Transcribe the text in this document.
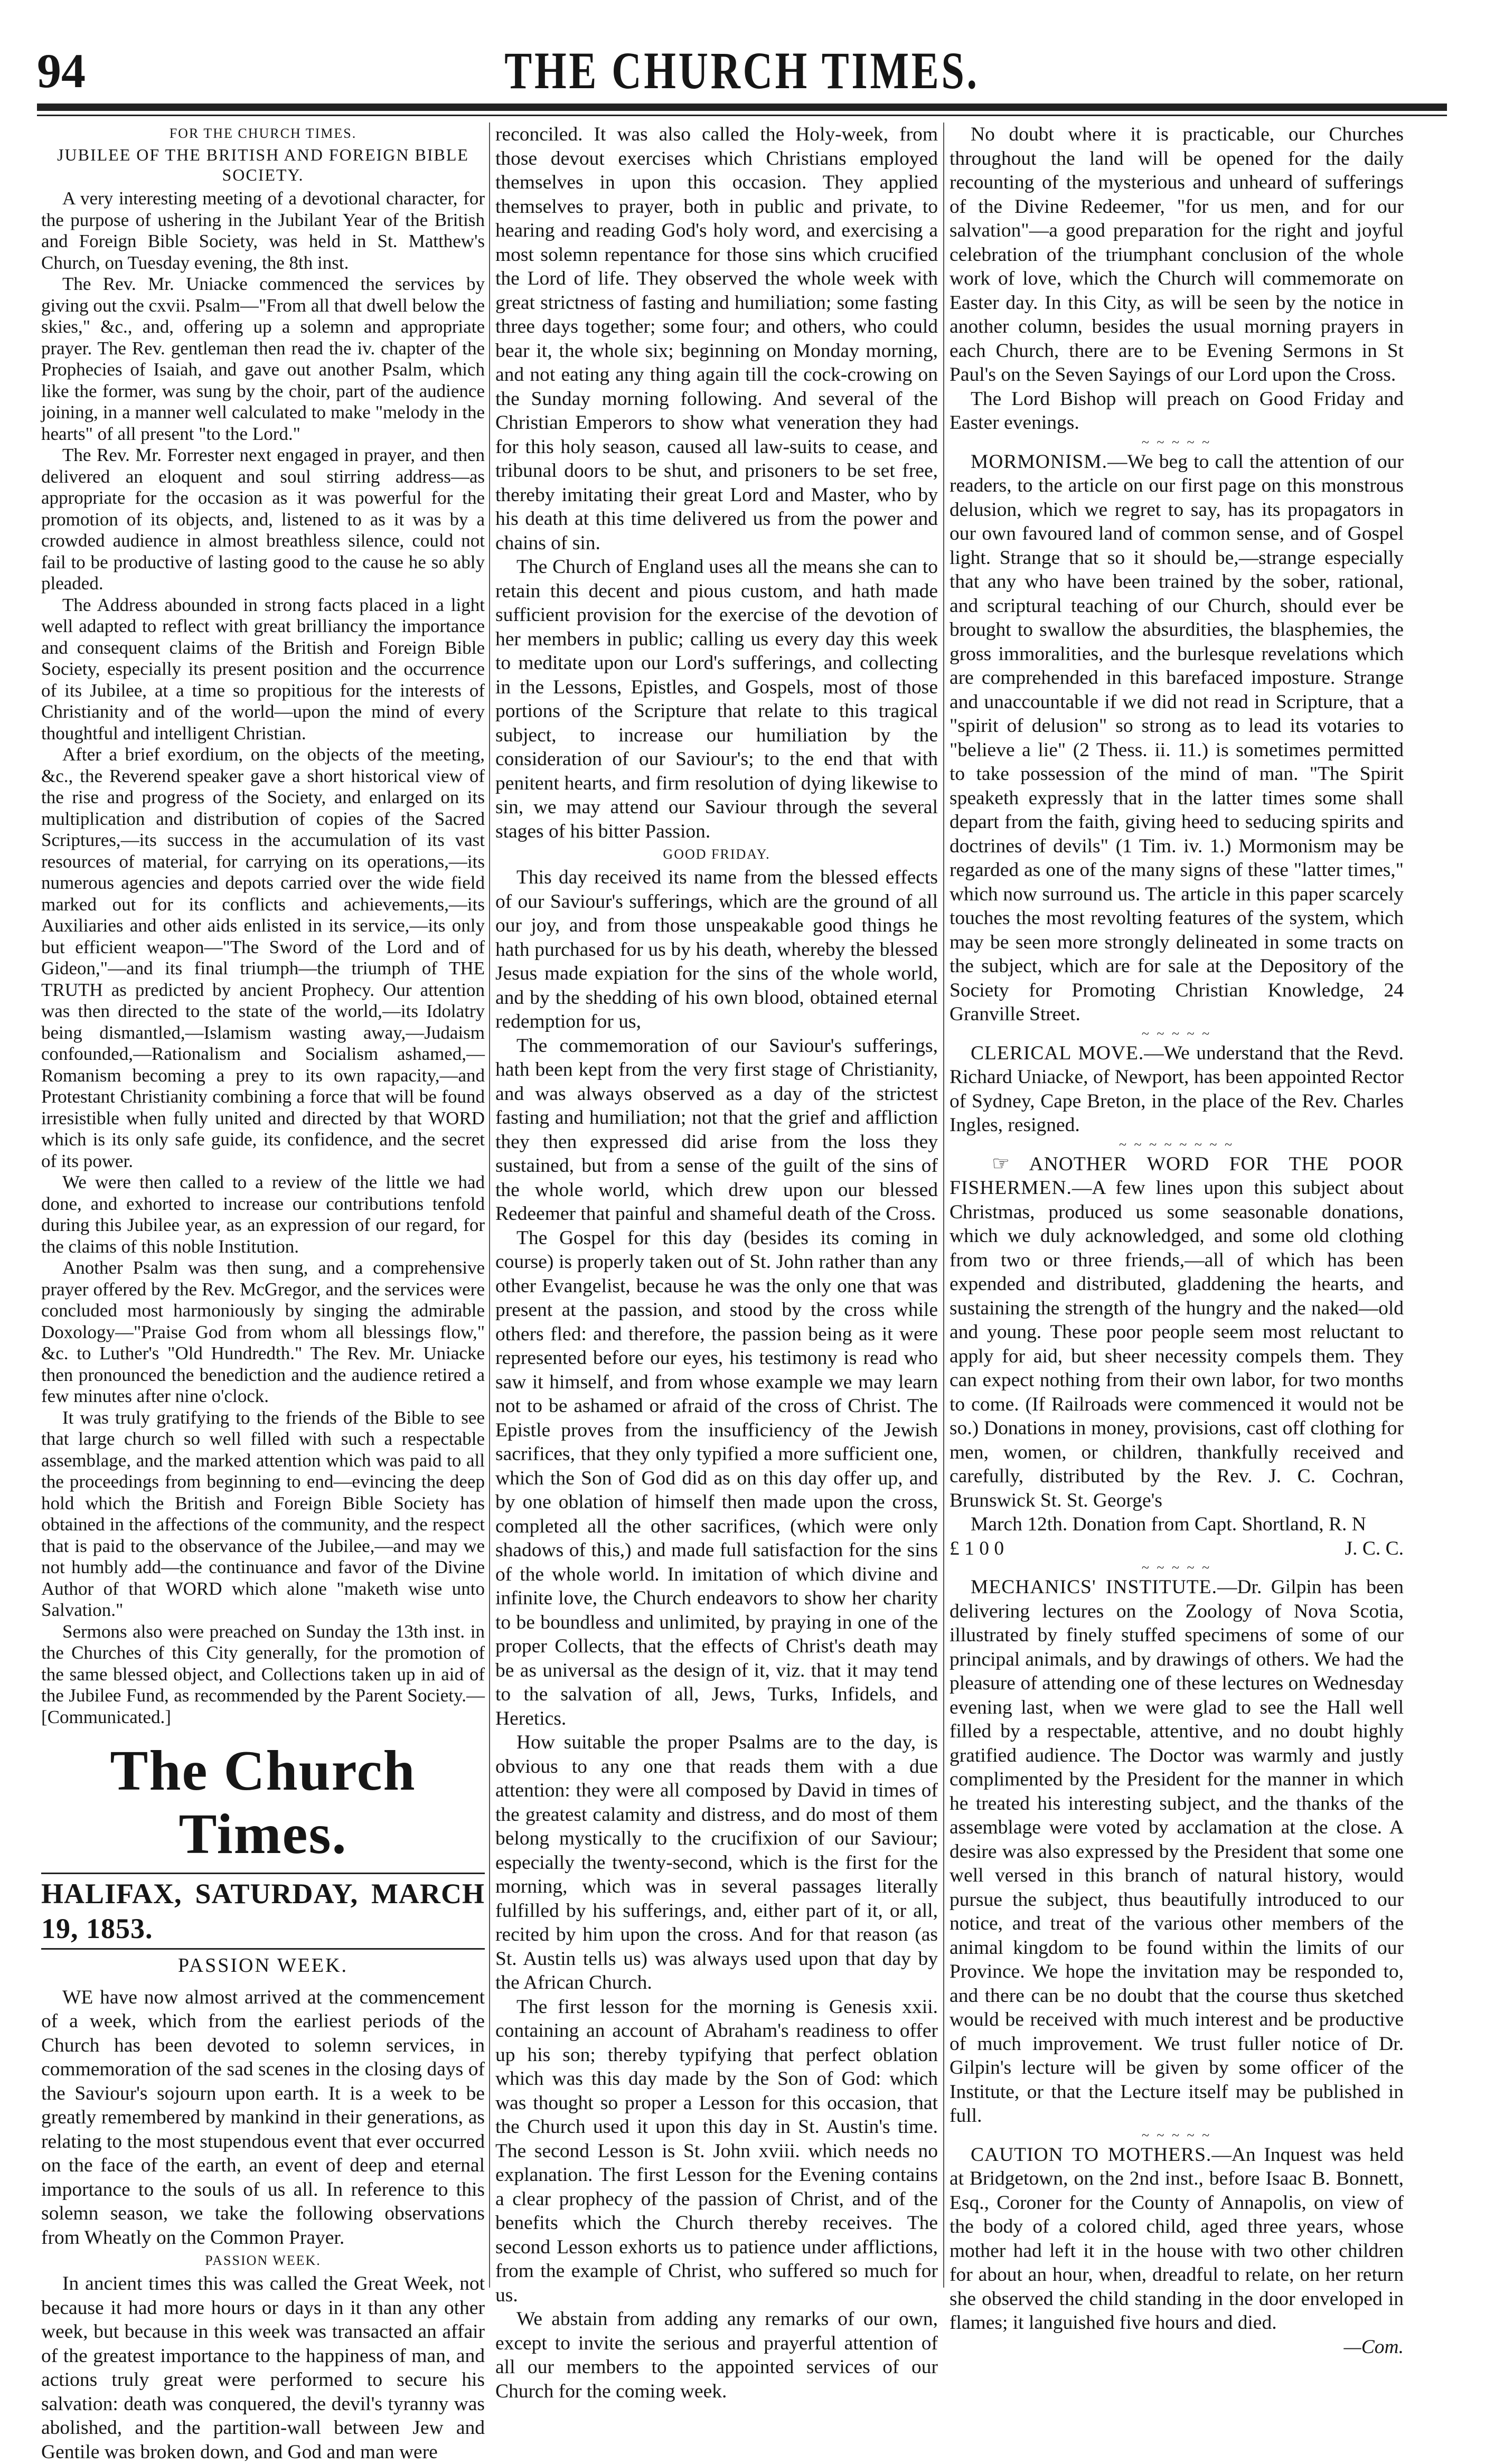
94	THE CHURCH TIMES.
FOR THE CHURCH TIMES.
JUBILEE OF THE BRITISH AND FOREIGN BIBLE SOCIETY.

A very interesting meeting of a devotional character, for the purpose of ushering in the Jubilant Year of the British and Foreign Bible Society, was held in St. Matthew's Church, on Tuesday evening, the 8th inst.

The Rev. Mr. Uniacke commenced the services by giving out the cxvii. Psalm—"From all that dwell below the skies," &c., and, offering up a solemn and appropriate prayer. The Rev. gentleman then read the iv. chapter of the Prophecies of Isaiah, and gave out another Psalm, which like the former, was sung by the choir, part of the audience joining, in a manner well calculated to make "melody in the hearts" of all present "to the Lord."

The Rev. Mr. Forrester next engaged in prayer, and then delivered an eloquent and soul stirring address—as appropriate for the occasion as it was powerful for the promotion of its objects, and, listened to as it was by a crowded audience in almost breathless silence, could not fail to be productive of lasting good to the cause he so ably pleaded.

The Address abounded in strong facts placed in a light well adapted to reflect with great brilliancy the importance and consequent claims of the British and Foreign Bible Society, especially its present position and the occurrence of its Jubilee, at a time so propitious for the interests of Christianity and of the world—upon the mind of every thoughtful and intelligent Christian.

After a brief exordium, on the objects of the meeting, &c., the Reverend speaker gave a short historical view of the rise and progress of the Society, and enlarged on its multiplication and distribution of copies of the Sacred Scriptures,—its success in the accumulation of its vast resources of material, for carrying on its operations,—its numerous agencies and depots carried over the wide field marked out for its conflicts and achievements,—its Auxiliaries and other aids enlisted in its service,—its only but efficient weapon—"The Sword of the Lord and of Gideon,"—and its final triumph—the triumph of THE TRUTH as predicted by ancient Prophecy. Our attention was then directed to the state of the world,—its Idolatry being dismantled,—Islamism wasting away,—Judaism confounded,—Rationalism and Socialism ashamed,—Romanism becoming a prey to its own rapacity,—and Protestant Christianity combining a force that will be found irresistible when fully united and directed by that WORD which is its only safe guide, its confidence, and the secret of its power.

We were then called to a review of the little we had done, and exhorted to increase our contributions tenfold during this Jubilee year, as an expression of our regard, for the claims of this noble Institution.

Another Psalm was then sung, and a comprehensive prayer offered by the Rev. McGregor, and the services were concluded most harmoniously by singing the admirable Doxology—"Praise God from whom all blessings flow," &c. to Luther's "Old Hundredth." The Rev. Mr. Uniacke then pronounced the benediction and the audience retired a few minutes after nine o'clock.

It was truly gratifying to the friends of the Bible to see that large church so well filled with such a respectable assemblage, and the marked attention which was paid to all the proceedings from beginning to end—evincing the deep hold which the British and Foreign Bible Society has obtained in the affections of the community, and the respect that is paid to the observance of the Jubilee,—and may we not humbly add—the continuance and favor of the Divine Author of that WORD which alone "maketh wise unto Salvation."

Sermons also were preached on Sunday the 13th inst. in the Churches of this City generally, for the promotion of the same blessed object, and Collections taken up in aid of the Jubilee Fund, as recommended by the Parent Society.—[Communicated.]

The Church Times.
HALIFAX, SATURDAY, MARCH 19, 1853.
PASSION WEEK.

WE have now almost arrived at the commencement of a week, which from the earliest periods of the Church has been devoted to solemn services, in commemoration of the sad scenes in the closing days of the Saviour's sojourn upon earth. It is a week to be greatly remembered by mankind in their generations, as relating to the most stupendous event that ever occurred on the face of the earth, an event of deep and eternal importance to the souls of us all. In reference to this solemn season, we take the following observations from Wheatly on the Common Prayer.

PASSION WEEK.

In ancient times this was called the Great Week, not because it had more hours or days in it than any other week, but because in this week was transacted an affair of the greatest importance to the happiness of man, and actions truly great were performed to secure his salvation: death was conquered, the devil's tyranny was abolished, and the partition-wall between Jew and Gentile was broken down, and God and man were

reconciled. It was also called the Holy-week, from those devout exercises which Christians employed themselves in upon this occasion. They applied themselves to prayer, both in public and private, to hearing and reading God's holy word, and exercising a most solemn repentance for those sins which crucified the Lord of life. They observed the whole week with great strictness of fasting and humiliation; some fasting three days together; some four; and others, who could bear it, the whole six; beginning on Monday morning, and not eating any thing again till the cock-crowing on the Sunday morning following. And several of the Christian Emperors to show what veneration they had for this holy season, caused all law-suits to cease, and tribunal doors to be shut, and prisoners to be set free, thereby imitating their great Lord and Master, who by his death at this time delivered us from the power and chains of sin.

The Church of England uses all the means she can to retain this decent and pious custom, and hath made sufficient provision for the exercise of the devotion of her members in public; calling us every day this week to meditate upon our Lord's sufferings, and collecting in the Lessons, Epistles, and Gospels, most of those portions of the Scripture that relate to this tragical subject, to increase our humiliation by the consideration of our Saviour's; to the end that with penitent hearts, and firm resolution of dying likewise to sin, we may attend our Saviour through the several stages of his bitter Passion.

GOOD FRIDAY.

This day received its name from the blessed effects of our Saviour's sufferings, which are the ground of all our joy, and from those unspeakable good things he hath purchased for us by his death, whereby the blessed Jesus made expiation for the sins of the whole world, and by the shedding of his own blood, obtained eternal redemption for us,

The commemoration of our Saviour's sufferings, hath been kept from the very first stage of Christianity, and was always observed as a day of the strictest fasting and humiliation; not that the grief and affliction they then expressed did arise from the loss they sustained, but from a sense of the guilt of the sins of the whole world, which drew upon our blessed Redeemer that painful and shameful death of the Cross.

The Gospel for this day (besides its coming in course) is properly taken out of St. John rather than any other Evangelist, because he was the only one that was present at the passion, and stood by the cross while others fled: and therefore, the passion being as it were represented before our eyes, his testimony is read who saw it himself, and from whose example we may learn not to be ashamed or afraid of the cross of Christ. The Epistle proves from the insufficiency of the Jewish sacrifices, that they only typified a more sufficient one, which the Son of God did as on this day offer up, and by one oblation of himself then made upon the cross, completed all the other sacrifices, (which were only shadows of this,) and made full satisfaction for the sins of the whole world. In imitation of which divine and infinite love, the Church endeavors to show her charity to be boundless and unlimited, by praying in one of the proper Collects, that the effects of Christ's death may be as universal as the design of it, viz. that it may tend to the salvation of all, Jews, Turks, Infidels, and Heretics.

How suitable the proper Psalms are to the day, is obvious to any one that reads them with a due attention: they were all composed by David in times of the greatest calamity and distress, and do most of them belong mystically to the crucifixion of our Saviour; especially the twenty-second, which is the first for the morning, which was in several passages literally fulfilled by his sufferings, and, either part of it, or all, recited by him upon the cross. And for that reason (as St. Austin tells us) was always used upon that day by the African Church.

The first lesson for the morning is Genesis xxii. containing an account of Abraham's readiness to offer up his son; thereby typifying that perfect oblation which was this day made by the Son of God: which was thought so proper a Lesson for this occasion, that the Church used it upon this day in St. Austin's time. The second Lesson is St. John xviii. which needs no explanation. The first Lesson for the Evening contains a clear prophecy of the passion of Christ, and of the benefits which the Church thereby receives. The second Lesson exhorts us to patience under afflictions, from the example of Christ, who suffered so much for us.

We abstain from adding any remarks of our own, except to invite the serious and prayerful attention of all our members to the appointed services of our Church for the coming week.

No doubt where it is practicable, our Churches throughout the land will be opened for the daily recounting of the mysterious and unheard of sufferings of the Divine Redeemer, "for us men, and for our salvation"—a good preparation for the right and joyful celebration of the triumphant conclusion of the whole work of love, which the Church will commemorate on Easter day. In this City, as will be seen by the notice in another column, besides the usual morning prayers in each Church, there are to be Evening Sermons in St Paul's on the Seven Sayings of our Lord upon the Cross.

The Lord Bishop will preach on Good Friday and Easter evenings.

~ ~ ~ ~ ~

MORMONISM.—We beg to call the attention of our readers, to the article on our first page on this monstrous delusion, which we regret to say, has its propagators in our own favoured land of common sense, and of Gospel light. Strange that so it should be,—strange especially that any who have been trained by the sober, rational, and scriptural teaching of our Church, should ever be brought to swallow the absurdities, the blasphemies, the gross immoralities, and the burlesque revelations which are comprehended in this barefaced imposture. Strange and unaccountable if we did not read in Scripture, that a "spirit of delusion" so strong as to lead its votaries to "believe a lie" (2 Thess. ii. 11.) is sometimes permitted to take possession of the mind of man. "The Spirit speaketh expressly that in the latter times some shall depart from the faith, giving heed to seducing spirits and doctrines of devils" (1 Tim. iv. 1.) Mormonism may be regarded as one of the many signs of these "latter times," which now surround us. The article in this paper scarcely touches the most revolting features of the system, which may be seen more strongly delineated in some tracts on the subject, which are for sale at the Depository of the Society for Promoting Christian Knowledge, 24 Granville Street.

~ ~ ~ ~ ~

CLERICAL MOVE.—We understand that the Revd. Richard Uniacke, of Newport, has been appointed Rector of Sydney, Cape Breton, in the place of the Rev. Charles Ingles, resigned.

~ ~ ~ ~ ~ ~ ~ ~

☞ ANOTHER WORD FOR THE POOR FISHERMEN.—A few lines upon this subject about Christmas, produced us some seasonable donations, which we duly acknowledged, and some old clothing from two or three friends,—all of which has been expended and distributed, gladdening the hearts, and sustaining the strength of the hungry and the naked—old and young. These poor people seem most reluctant to apply for aid, but sheer necessity compels them. They can expect nothing from their own labor, for two months to come. (If Railroads were commenced it would not be so.) Donations in money, provisions, cast off clothing for men, women, or children, thankfully received and carefully, distributed by the Rev. J. C. Cochran, Brunswick St. St. George's

March 12th. Donation from Capt. Shortland, R. N

£ 1 0 0	J. C. C.
~ ~ ~ ~ ~

MECHANICS' INSTITUTE.—Dr. Gilpin has been delivering lectures on the Zoology of Nova Scotia, illustrated by finely stuffed specimens of some of our principal animals, and by drawings of others. We had the pleasure of attending one of these lectures on Wednesday evening last, when we were glad to see the Hall well filled by a respectable, attentive, and no doubt highly gratified audience. The Doctor was warmly and justly complimented by the President for the manner in which he treated his interesting subject, and the thanks of the assemblage were voted by acclamation at the close. A desire was also expressed by the President that some one well versed in this branch of natural history, would pursue the subject, thus beautifully introduced to our notice, and treat of the various other members of the animal kingdom to be found within the limits of our Province. We hope the invitation may be responded to, and there can be no doubt that the course thus sketched would be received with much interest and be productive of much improvement. We trust fuller notice of Dr. Gilpin's lecture will be given by some officer of the Institute, or that the Lecture itself may be published in full.

~ ~ ~ ~ ~

CAUTION TO MOTHERS.—An Inquest was held at Bridgetown, on the 2nd inst., before Isaac B. Bonnett, Esq., Coroner for the County of Annapolis, on view of the body of a colored child, aged three years, whose mother had left it in the house with two other children for about an hour, when, dreadful to relate, on her return she observed the child standing in the door enveloped in flames; it languished five hours and died.

—Com.
